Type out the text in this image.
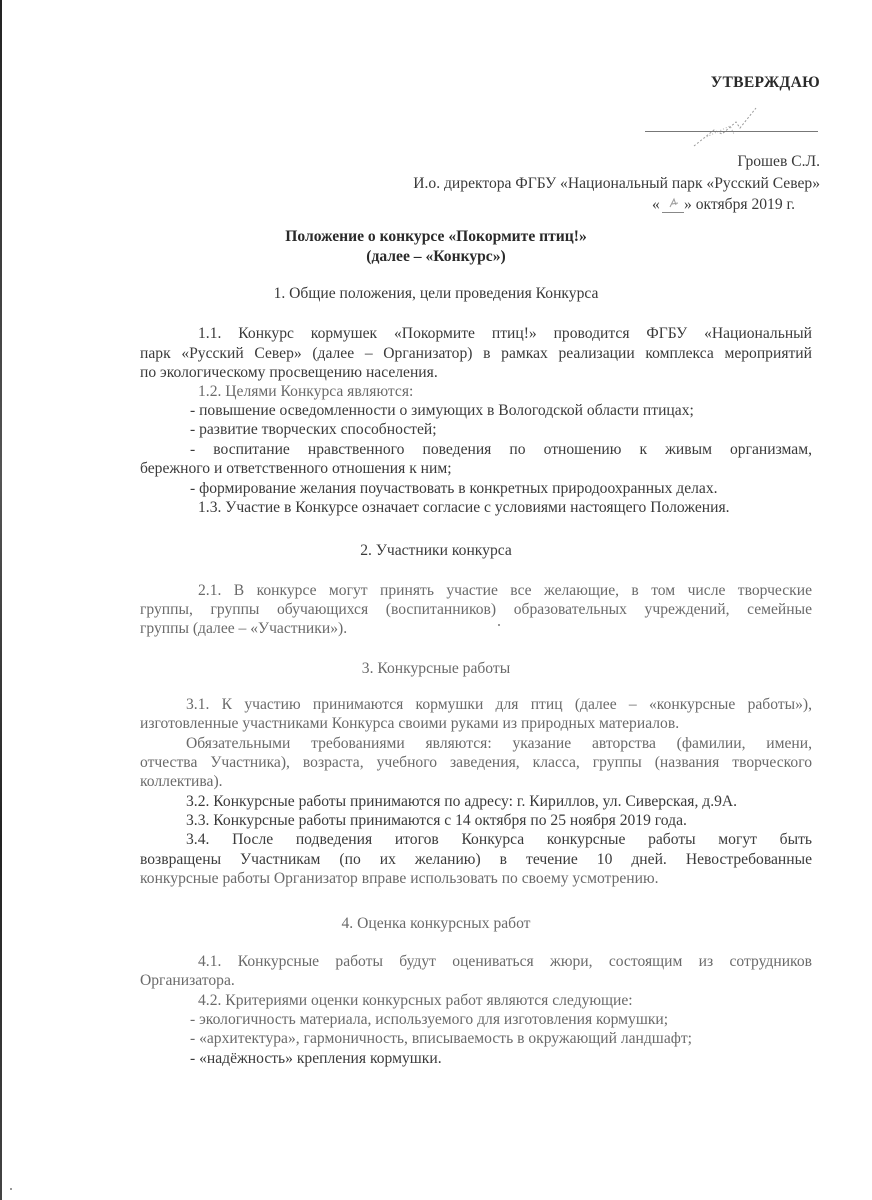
УТВЕРЖДАЮ
Грошев С.Л.
И.о. директора ФГБУ «Национальный парк «Русский Север»
« » октября 2019 г.
Положение о конкурсе «Покормите птиц!»
(далее – «Конкурс»)
1. Общие положения, цели проведения Конкурса
1.1. Конкурс кормушек «Покормите птиц!» проводится ФГБУ «Национальный
парк «Русский Север» (далее – Организатор) в рамках реализации комплекса мероприятий
по экологическому просвещению населения.
1.2. Целями Конкурса являются:
- повышение осведомленности о зимующих в Вологодской области птицах;
- развитие творческих способностей;
- воспитание нравственного поведения по отношению к живым организмам,
бережного и ответственного отношения к ним;
- формирование желания поучаствовать в конкретных природоохранных делах.
1.3. Участие в Конкурсе означает согласие с условиями настоящего Положения.
2. Участники конкурса
2.1. В конкурсе могут принять участие все желающие, в том числе творческие
группы, группы обучающихся (воспитанников) образовательных учреждений, семейные
группы (далее – «Участники»).
3. Конкурсные работы
3.1. К участию принимаются кормушки для птиц (далее – «конкурсные работы»),
изготовленные участниками Конкурса своими руками из природных материалов.
Обязательными требованиями являются: указание авторства (фамилии, имени,
отчества Участника), возраста, учебного заведения, класса, группы (названия творческого
коллектива).
3.2. Конкурсные работы принимаются по адресу: г. Кириллов, ул. Сиверская, д.9А.
3.3. Конкурсные работы принимаются с 14 октября по 25 ноября 2019 года.
3.4. После подведения итогов Конкурса конкурсные работы могут быть
возвращены Участникам (по их желанию) в течение 10 дней. Невостребованные
конкурсные работы Организатор вправе использовать по своему усмотрению.
4. Оценка конкурсных работ
4.1. Конкурсные работы будут оцениваться жюри, состоящим из сотрудников
Организатора.
4.2. Критериями оценки конкурсных работ являются следующие:
- экологичность материала, используемого для изготовления кормушки;
- «архитектура», гармоничность, вписываемость в окружающий ландшафт;
- «надёжность» крепления кормушки.
